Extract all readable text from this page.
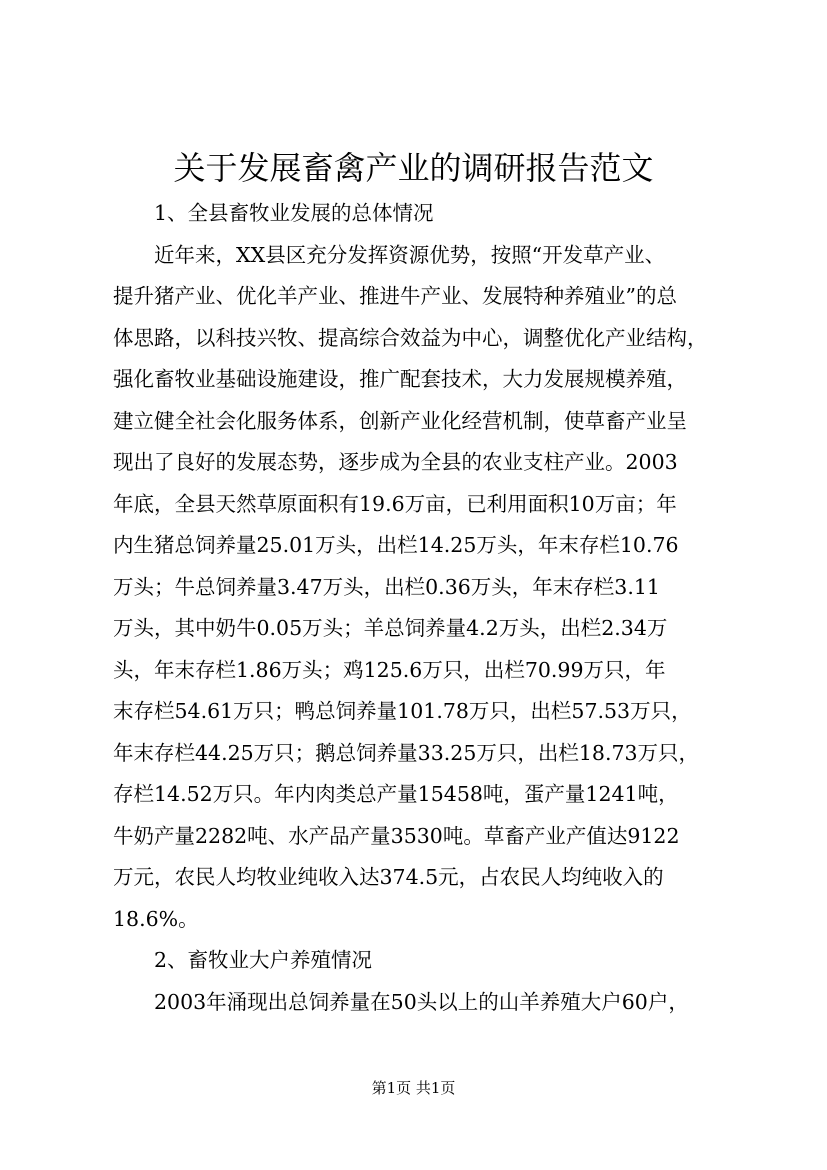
关于发展畜禽产业的调研报告范文
1、全县畜牧业发展的总体情况
近年来，XX县区充分发挥资源优势，按照“开发草产业、
提升猪产业、优化羊产业、推进牛产业、发展特种养殖业”的总
体思路，以科技兴牧、提高综合效益为中心，调整优化产业结构，
强化畜牧业基础设施建设，推广配套技术，大力发展规模养殖，
建立健全社会化服务体系，创新产业化经营机制，使草畜产业呈
现出了良好的发展态势，逐步成为全县的农业支柱产业。2003
年底，全县天然草原面积有19.6万亩，已利用面积10万亩；年
内生猪总饲养量25.01万头，出栏14.25万头，年末存栏10.76
万头；牛总饲养量3.47万头，出栏0.36万头，年末存栏3.11
万头，其中奶牛0.05万头；羊总饲养量4.2万头，出栏2.34万
头，年末存栏1.86万头；鸡125.6万只，出栏70.99万只，年
末存栏54.61万只；鸭总饲养量101.78万只，出栏57.53万只，
年末存栏44.25万只；鹅总饲养量33.25万只，出栏18.73万只，
存栏14.52万只。年内肉类总产量15458吨，蛋产量1241吨，
牛奶产量2282吨、水产品产量3530吨。草畜产业产值达9122
万元，农民人均牧业纯收入达374.5元，占农民人均纯收入的
18.6%。
2、畜牧业大户养殖情况
2003年涌现出总饲养量在50头以上的山羊养殖大户60户，
第1页 共1页
